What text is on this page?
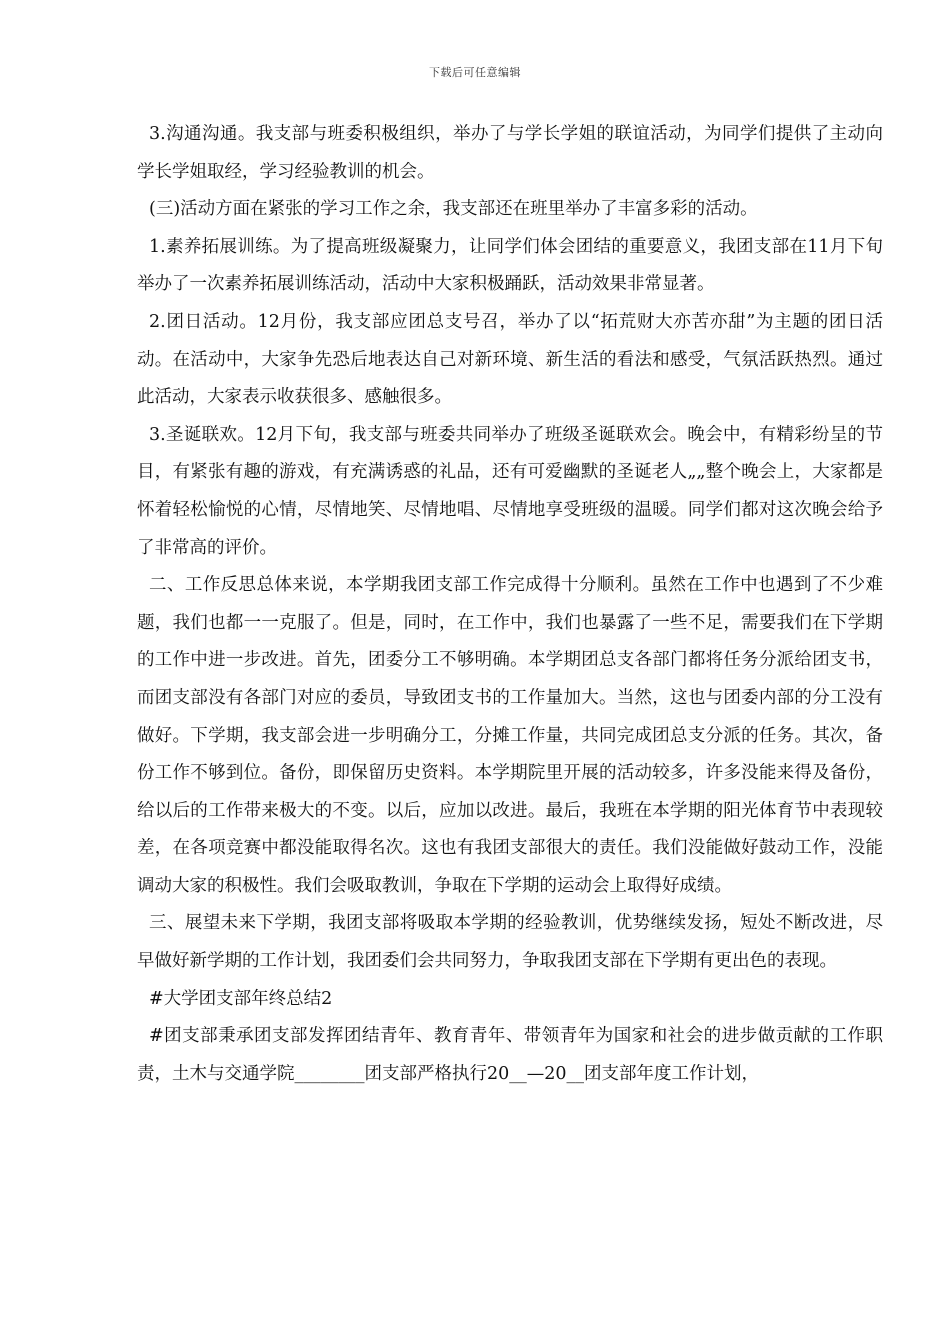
下载后可任意编辑

3.沟通沟通。我支部与班委积极组织，举办了与学长学姐的联谊活动，为同学们提供了主动向学长学姐取经，学习经验教训的机会。

(三)活动方面在紧张的学习工作之余，我支部还在班里举办了丰富多彩的活动。

1.素养拓展训练。为了提高班级凝聚力，让同学们体会团结的重要意义，我团支部在11月下旬举办了一次素养拓展训练活动，活动中大家积极踊跃，活动效果非常显著。

2.团日活动。12月份，我支部应团总支号召，举办了以“拓荒财大亦苦亦甜”为主题的团日活动。在活动中，大家争先恐后地表达自己对新环境、新生活的看法和感受，气氛活跃热烈。通过此活动，大家表示收获很多、感触很多。

3.圣诞联欢。12月下旬，我支部与班委共同举办了班级圣诞联欢会。晚会中，有精彩纷呈的节目，有紧张有趣的游戏，有充满诱惑的礼品，还有可爱幽默的圣诞老人„„整个晚会上，大家都是怀着轻松愉悦的心情，尽情地笑、尽情地唱、尽情地享受班级的温暖。同学们都对这次晚会给予了非常高的评价。

二、工作反思总体来说，本学期我团支部工作完成得十分顺利。虽然在工作中也遇到了不少难题，我们也都一一克服了。但是，同时，在工作中，我们也暴露了一些不足，需要我们在下学期的工作中进一步改进。首先，团委分工不够明确。本学期团总支各部门都将任务分派给团支书，而团支部没有各部门对应的委员，导致团支书的工作量加大。当然，这也与团委内部的分工没有做好。下学期，我支部会进一步明确分工，分摊工作量，共同完成团总支分派的任务。其次，备份工作不够到位。备份，即保留历史资料。本学期院里开展的活动较多，许多没能来得及备份，给以后的工作带来极大的不变。以后，应加以改进。最后，我班在本学期的阳光体育节中表现较差，在各项竞赛中都没能取得名次。这也有我团支部很大的责任。我们没能做好鼓动工作，没能调动大家的积极性。我们会吸取教训，争取在下学期的运动会上取得好成绩。

三、展望未来下学期，我团支部将吸取本学期的经验教训，优势继续发扬，短处不断改进，尽早做好新学期的工作计划，我团委们会共同努力，争取我团支部在下学期有更出色的表现。

#大学团支部年终总结2

#团支部秉承团支部发挥团结青年、教育青年、带领青年为国家和社会的进步做贡献的工作职责，土木与交通学院________团支部严格执行20__—20__团支部年度工作计划，
